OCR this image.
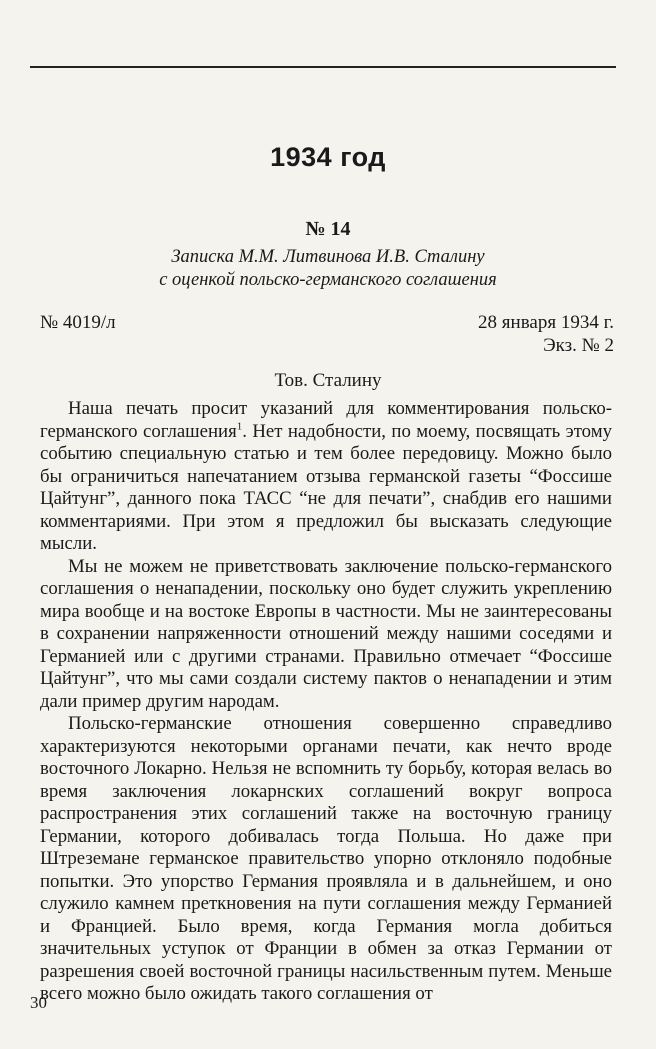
1934 год
№ 14
Записка М.М. Литвинова И.В. Сталину
с оценкой польско-германского соглашения
№ 4019/л	28 января 1934 г.
Экз. № 2
Тов. Сталину

Наша печать просит указаний для комментирования польско-германского соглашения$^1$. Нет надобности, по моему, посвящать этому событию специальную статью и тем более передовицу. Можно было бы ограничиться напечатанием отзыва германской газеты “Фоссише Цайтунг”, данного пока ТАСС “не для печати”, снабдив его нашими комментариями. При этом я предложил бы высказать следующие мысли.

Мы не можем не приветствовать заключение польско-германского соглашения о ненападении, поскольку оно будет служить укреплению мира вообще и на востоке Европы в частности. Мы не заинтересованы в сохранении напряженности отношений между нашими соседями и Германией или с другими странами. Правильно отмечает “Фоссише Цайтунг”, что мы сами создали систему пактов о ненападении и этим дали пример другим народам.

Польско-германские отношения совершенно справедливо характеризуются некоторыми органами печати, как нечто вроде восточного Локарно. Нельзя не вспомнить ту борьбу, которая велась во время заключения локарнских соглашений вокруг вопроса распространения этих соглашений также на восточную границу Германии, которого добивалась тогда Польша. Но даже при Штреземане германское правительство упорно отклоняло подобные попытки. Это упорство Германия проявляла и в дальнейшем, и оно служило камнем преткновения на пути соглашения между Германией и Францией. Было время, когда Германия могла добиться значительных уступок от Франции в обмен за отказ Германии от разрешения своей восточной границы насильственным путем. Меньше всего можно было ожидать такого соглашения от

30
